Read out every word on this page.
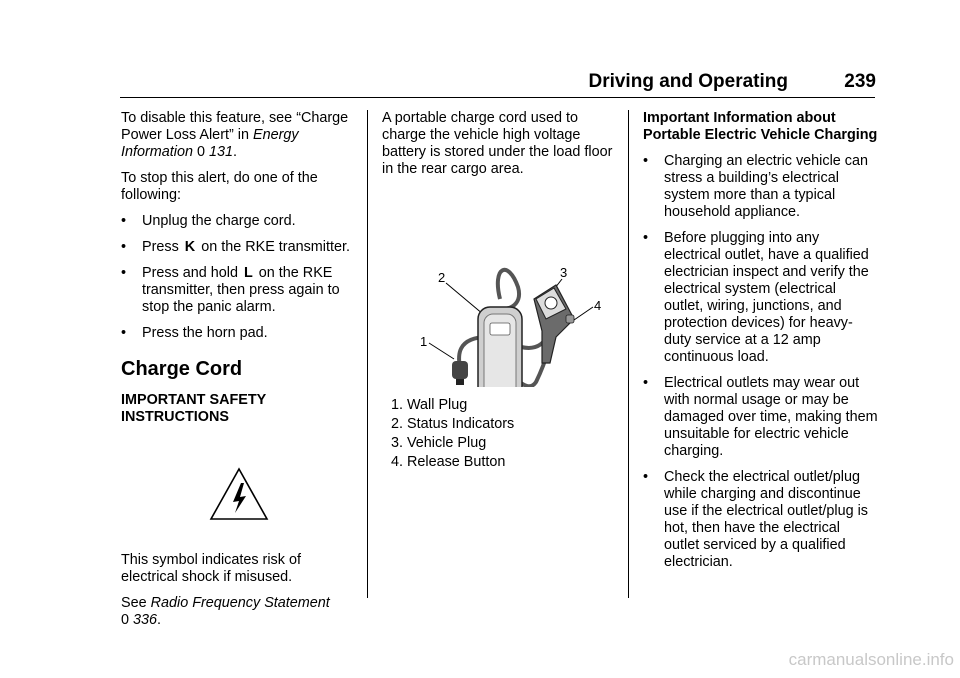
Driving and Operating	239

To disable this feature, see “Charge Power Loss Alert” in Energy Information 0 131.

To stop this alert, do one of the following:

•	Unplug the charge cord.
•	Press K on the RKE transmitter.
•	Press and hold L on the RKE transmitter, then press again to stop the panic alarm.
•	Press the horn pad.
Charge Cord
IMPORTANT SAFETY INSTRUCTIONS

This symbol indicates risk of electrical shock if misused.

See Radio Frequency Statement
0 336.

A portable charge cord used to charge the vehicle high voltage battery is stored under the load floor in the rear cargo area.

1
2	3
4
1. Wall Plug
2. Status Indicators
3. Vehicle Plug
4. Release Button

Important Information about Portable Electric Vehicle Charging

•	Charging an electric vehicle can stress a building’s electrical system more than a typical household appliance.
•	Before plugging into any electrical outlet, have a qualified electrician inspect and verify the electrical system (electrical outlet, wiring, junctions, and protection devices) for heavy-duty service at a 12 amp continuous load.
•	Electrical outlets may wear out with normal usage or may be damaged over time, making them unsuitable for electric vehicle charging.
•	Check the electrical outlet/plug while charging and discontinue use if the electrical outlet/plug is hot, then have the electrical outlet serviced by a qualified electrician.
carmanualsonline.info
